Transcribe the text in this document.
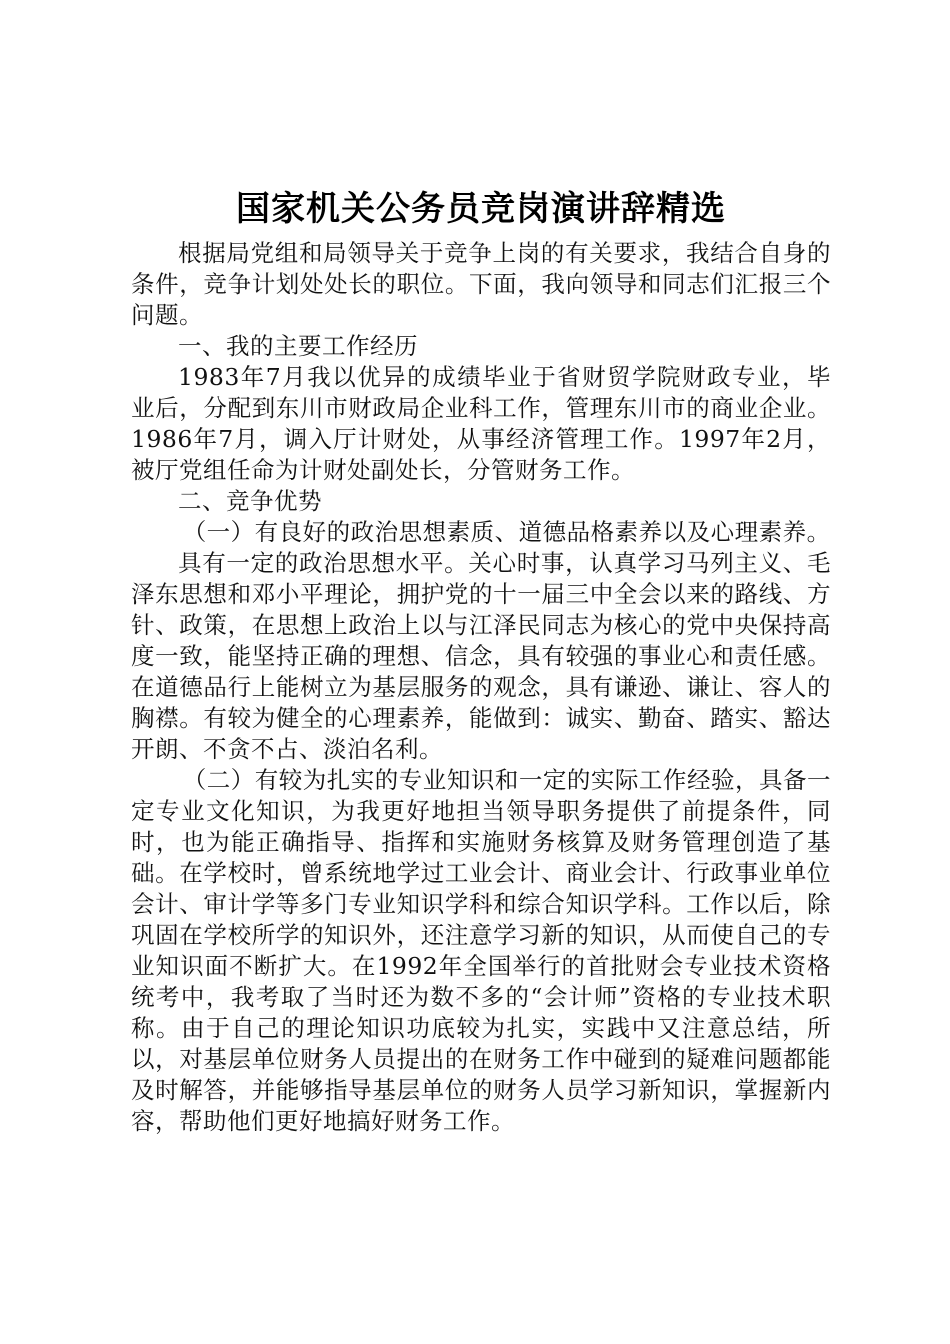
国家机关公务员竞岗演讲辞精选

根据局党组和局领导关于竞争上岗的有关要求，我结合自身的条件，竞争计划处处长的职位。下面，我向领导和同志们汇报三个问题。

一、我的主要工作经历

1983年7月我以优异的成绩毕业于省财贸学院财政专业，毕业后，分配到东川市财政局企业科工作，管理东川市的商业企业。1986年7月，调入厅计财处，从事经济管理工作。1997年2月，被厅党组任命为计财处副处长，分管财务工作。

二、竞争优势

（一）有良好的政治思想素质、道德品格素养以及心理素养。

具有一定的政治思想水平。关心时事，认真学习马列主义、毛泽东思想和邓小平理论，拥护党的十一届三中全会以来的路线、方针、政策，在思想上政治上以与江泽民同志为核心的党中央保持高度一致，能坚持正确的理想、信念，具有较强的事业心和责任感。在道德品行上能树立为基层服务的观念，具有谦逊、谦让、容人的胸襟。有较为健全的心理素养，能做到：诚实、勤奋、踏实、豁达开朗、不贪不占、淡泊名利。

（二）有较为扎实的专业知识和一定的实际工作经验，具备一定专业文化知识，为我更好地担当领导职务提供了前提条件，同时，也为能正确指导、指挥和实施财务核算及财务管理创造了基础。在学校时，曾系统地学过工业会计、商业会计、行政事业单位会计、审计学等多门专业知识学科和综合知识学科。工作以后，除巩固在学校所学的知识外，还注意学习新的知识，从而使自己的专业知识面不断扩大。在1992年全国举行的首批财会专业技术资格统考中，我考取了当时还为数不多的“会计师”资格的专业技术职称。由于自己的理论知识功底较为扎实，实践中又注意总结，所以，对基层单位财务人员提出的在财务工作中碰到的疑难问题都能及时解答，并能够指导基层单位的财务人员学习新知识，掌握新内容，帮助他们更好地搞好财务工作。
